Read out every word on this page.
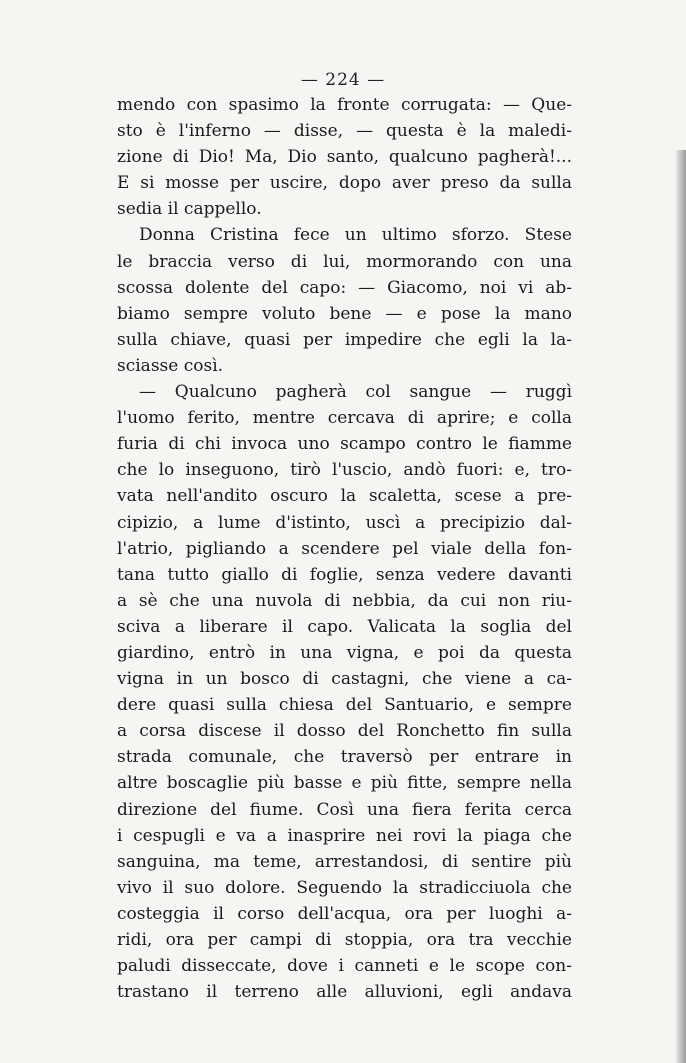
— 224 —
mendo con spasimo la fronte corrugata: — Que-
sto è l'inferno — disse, — questa è la maledi-
zione di Dio! Ma, Dio santo, qualcuno pagherà!...
E si mosse per uscire, dopo aver preso da sulla
sedia il cappello.
Donna Cristina fece un ultimo sforzo. Stese
le braccia verso di lui, mormorando con una
scossa dolente del capo: — Giacomo, noi vi ab-
biamo sempre voluto bene — e pose la mano
sulla chiave, quasi per impedire che egli la la-
sciasse così.
— Qualcuno pagherà col sangue — ruggì
l'uomo ferito, mentre cercava di aprire; e colla
furia di chi invoca uno scampo contro le fiamme
che lo inseguono, tirò l'uscio, andò fuori: e, tro-
vata nell'andito oscuro la scaletta, scese a pre-
cipizio, a lume d'istinto, uscì a precipizio dal-
l'atrio, pigliando a scendere pel viale della fon-
tana tutto giallo di foglie, senza vedere davanti
a sè che una nuvola di nebbia, da cui non riu-
sciva a liberare il capo. Valicata la soglia del
giardino, entrò in una vigna, e poi da questa
vigna in un bosco di castagni, che viene a ca-
dere quasi sulla chiesa del Santuario, e sempre
a corsa discese il dosso del Ronchetto fin sulla
strada comunale, che traversò per entrare in
altre boscaglie più basse e più fitte, sempre nella
direzione del fiume. Così una fiera ferita cerca
i cespugli e va a inasprire nei rovi la piaga che
sanguina, ma teme, arrestandosi, di sentire più
vivo il suo dolore. Seguendo la stradicciuola che
costeggia il corso dell'acqua, ora per luoghi a-
ridi, ora per campi di stoppia, ora tra vecchie
paludi disseccate, dove i canneti e le scope con-
trastano il terreno alle alluvioni, egli andava
